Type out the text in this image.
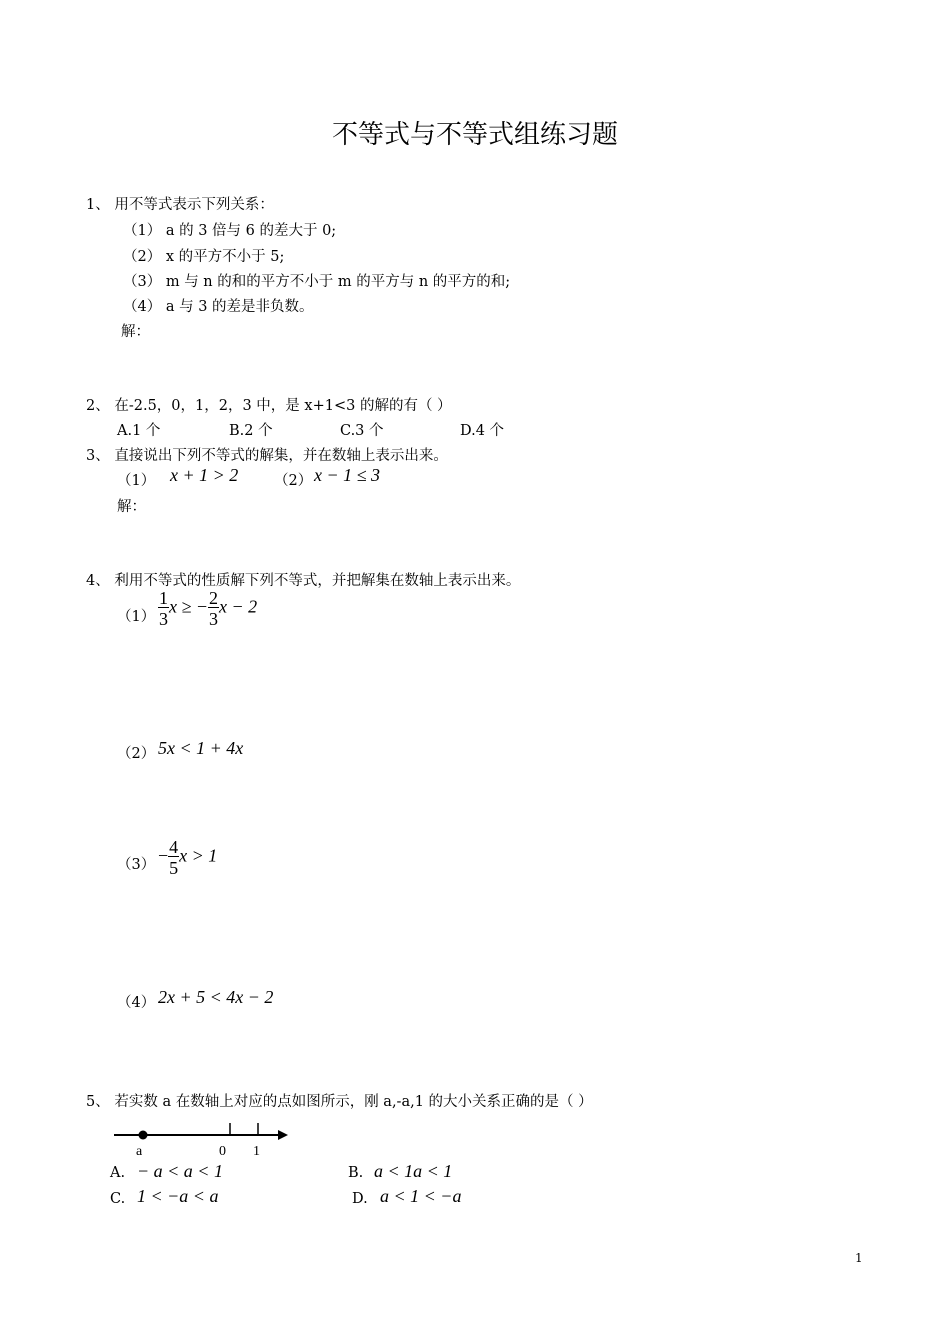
不等式与不等式组练习题
1、 用不等式表示下列关系：
（1） a 的 3 倍与 6 的差大于 0;
（2） x 的平方不小于 5;
（3） m 与 n 的和的平方不小于 m 的平方与 n 的平方的和;
（4） a 与 3 的差是非负数。
解：
2、 在-2.5，0，1，2，3 中，是 x+1<3 的解的有（ ）
A.1 个	B.2 个	C.3 个	D.4 个
3、 直接说出下列不等式的解集，并在数轴上表示出来。
（1） x + 1 > 2 （2） x − 1 ≤ 3
解：
4、 利用不等式的性质解下列不等式，并把解集在数轴上表示出来。
$(1) \frac{1}{3}$ x ≥ − $\frac{2}{3}$ x − 2
（2） 5x < 1 + 4x
$(3) - \frac{4}{5}$ x > 1
（4） 2x + 5 < 4x − 2
5、 若实数 a 在数轴上对应的点如图所示，刚 a,-a,1 的大小关系正确的是（ ）
a	0 1
A. − a < a < 1	B. a < 1a < 1
C. 1 < −a < a	D. a < 1 < −a
1
